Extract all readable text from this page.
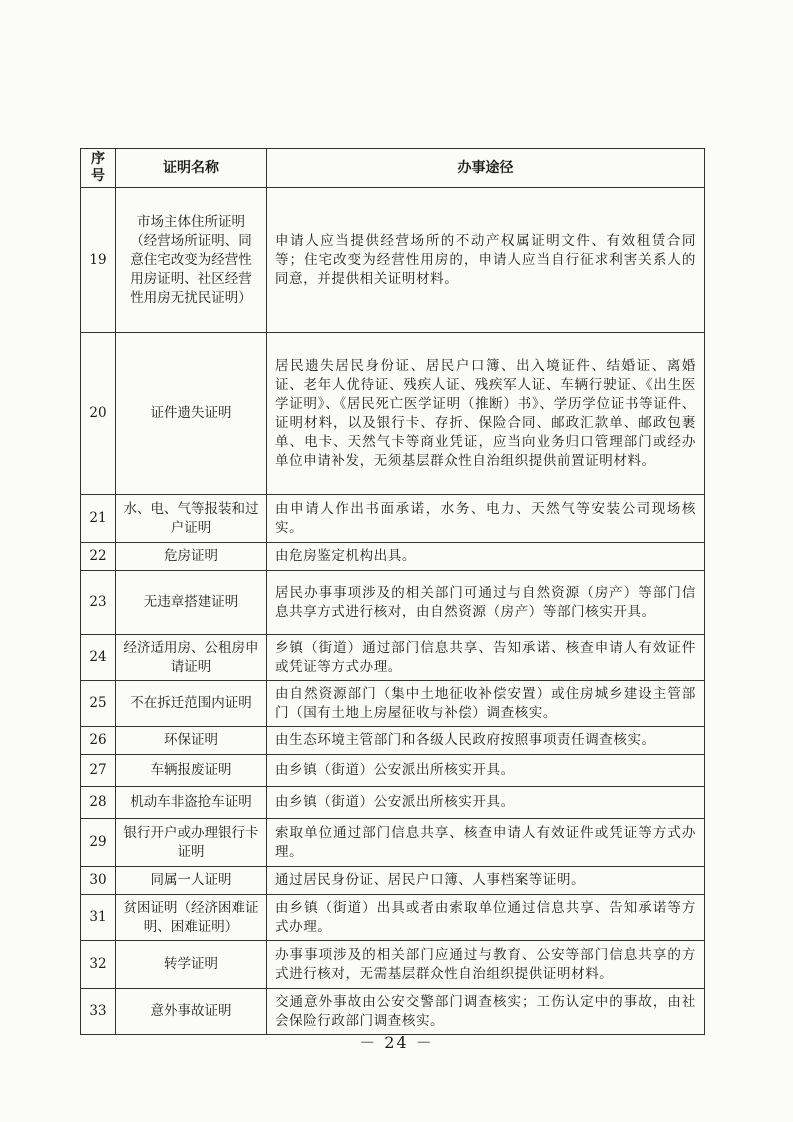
序号	证明名称	办事途径
19	市场主体住所证明（经营场所证明、同意住宅改变为经营性用房证明、社区经营性用房无扰民证明）	申请人应当提供经营场所的不动产权属证明文件、有效租赁合同等；住宅改变为经营性用房的，申请人应当自行征求利害关系人的同意，并提供相关证明材料。
20	证件遗失证明	居民遗失居民身份证、居民户口簿、出入境证件、结婚证、离婚证、老年人优待证、残疾人证、残疾军人证、车辆行驶证、《出生医学证明》、《居民死亡医学证明（推断）书》、学历学位证书等证件、证明材料，以及银行卡、存折、保险合同、邮政汇款单、邮政包裹单、电卡、天然气卡等商业凭证，应当向业务归口管理部门或经办单位申请补发，无须基层群众性自治组织提供前置证明材料。
21	水、电、气等报装和过户证明	由申请人作出书面承诺，水务、电力、天然气等安装公司现场核实。
22	危房证明	由危房鉴定机构出具。
23	无违章搭建证明	居民办事事项涉及的相关部门可通过与自然资源（房产）等部门信息共享方式进行核对，由自然资源（房产）等部门核实开具。
24	经济适用房、公租房申请证明	乡镇（街道）通过部门信息共享、告知承诺、核查申请人有效证件或凭证等方式办理。
25	不在拆迁范围内证明	由自然资源部门（集中土地征收补偿安置）或住房城乡建设主管部门（国有土地上房屋征收与补偿）调查核实。
26	环保证明	由生态环境主管部门和各级人民政府按照事项责任调查核实。
27	车辆报废证明	由乡镇（街道）公安派出所核实开具。
28	机动车非盗抢车证明	由乡镇（街道）公安派出所核实开具。
29	银行开户或办理银行卡证明	索取单位通过部门信息共享、核查申请人有效证件或凭证等方式办理。
30	同属一人证明	通过居民身份证、居民户口簿、人事档案等证明。
31	贫困证明（经济困难证明、困难证明）	由乡镇（街道）出具或者由索取单位通过信息共享、告知承诺等方式办理。
32	转学证明	办事事项涉及的相关部门应通过与教育、公安等部门信息共享的方式进行核对，无需基层群众性自治组织提供证明材料。
33	意外事故证明	交通意外事故由公安交警部门调查核实；工伤认定中的事故，由社会保险行政部门调查核实。
－ 24 －
